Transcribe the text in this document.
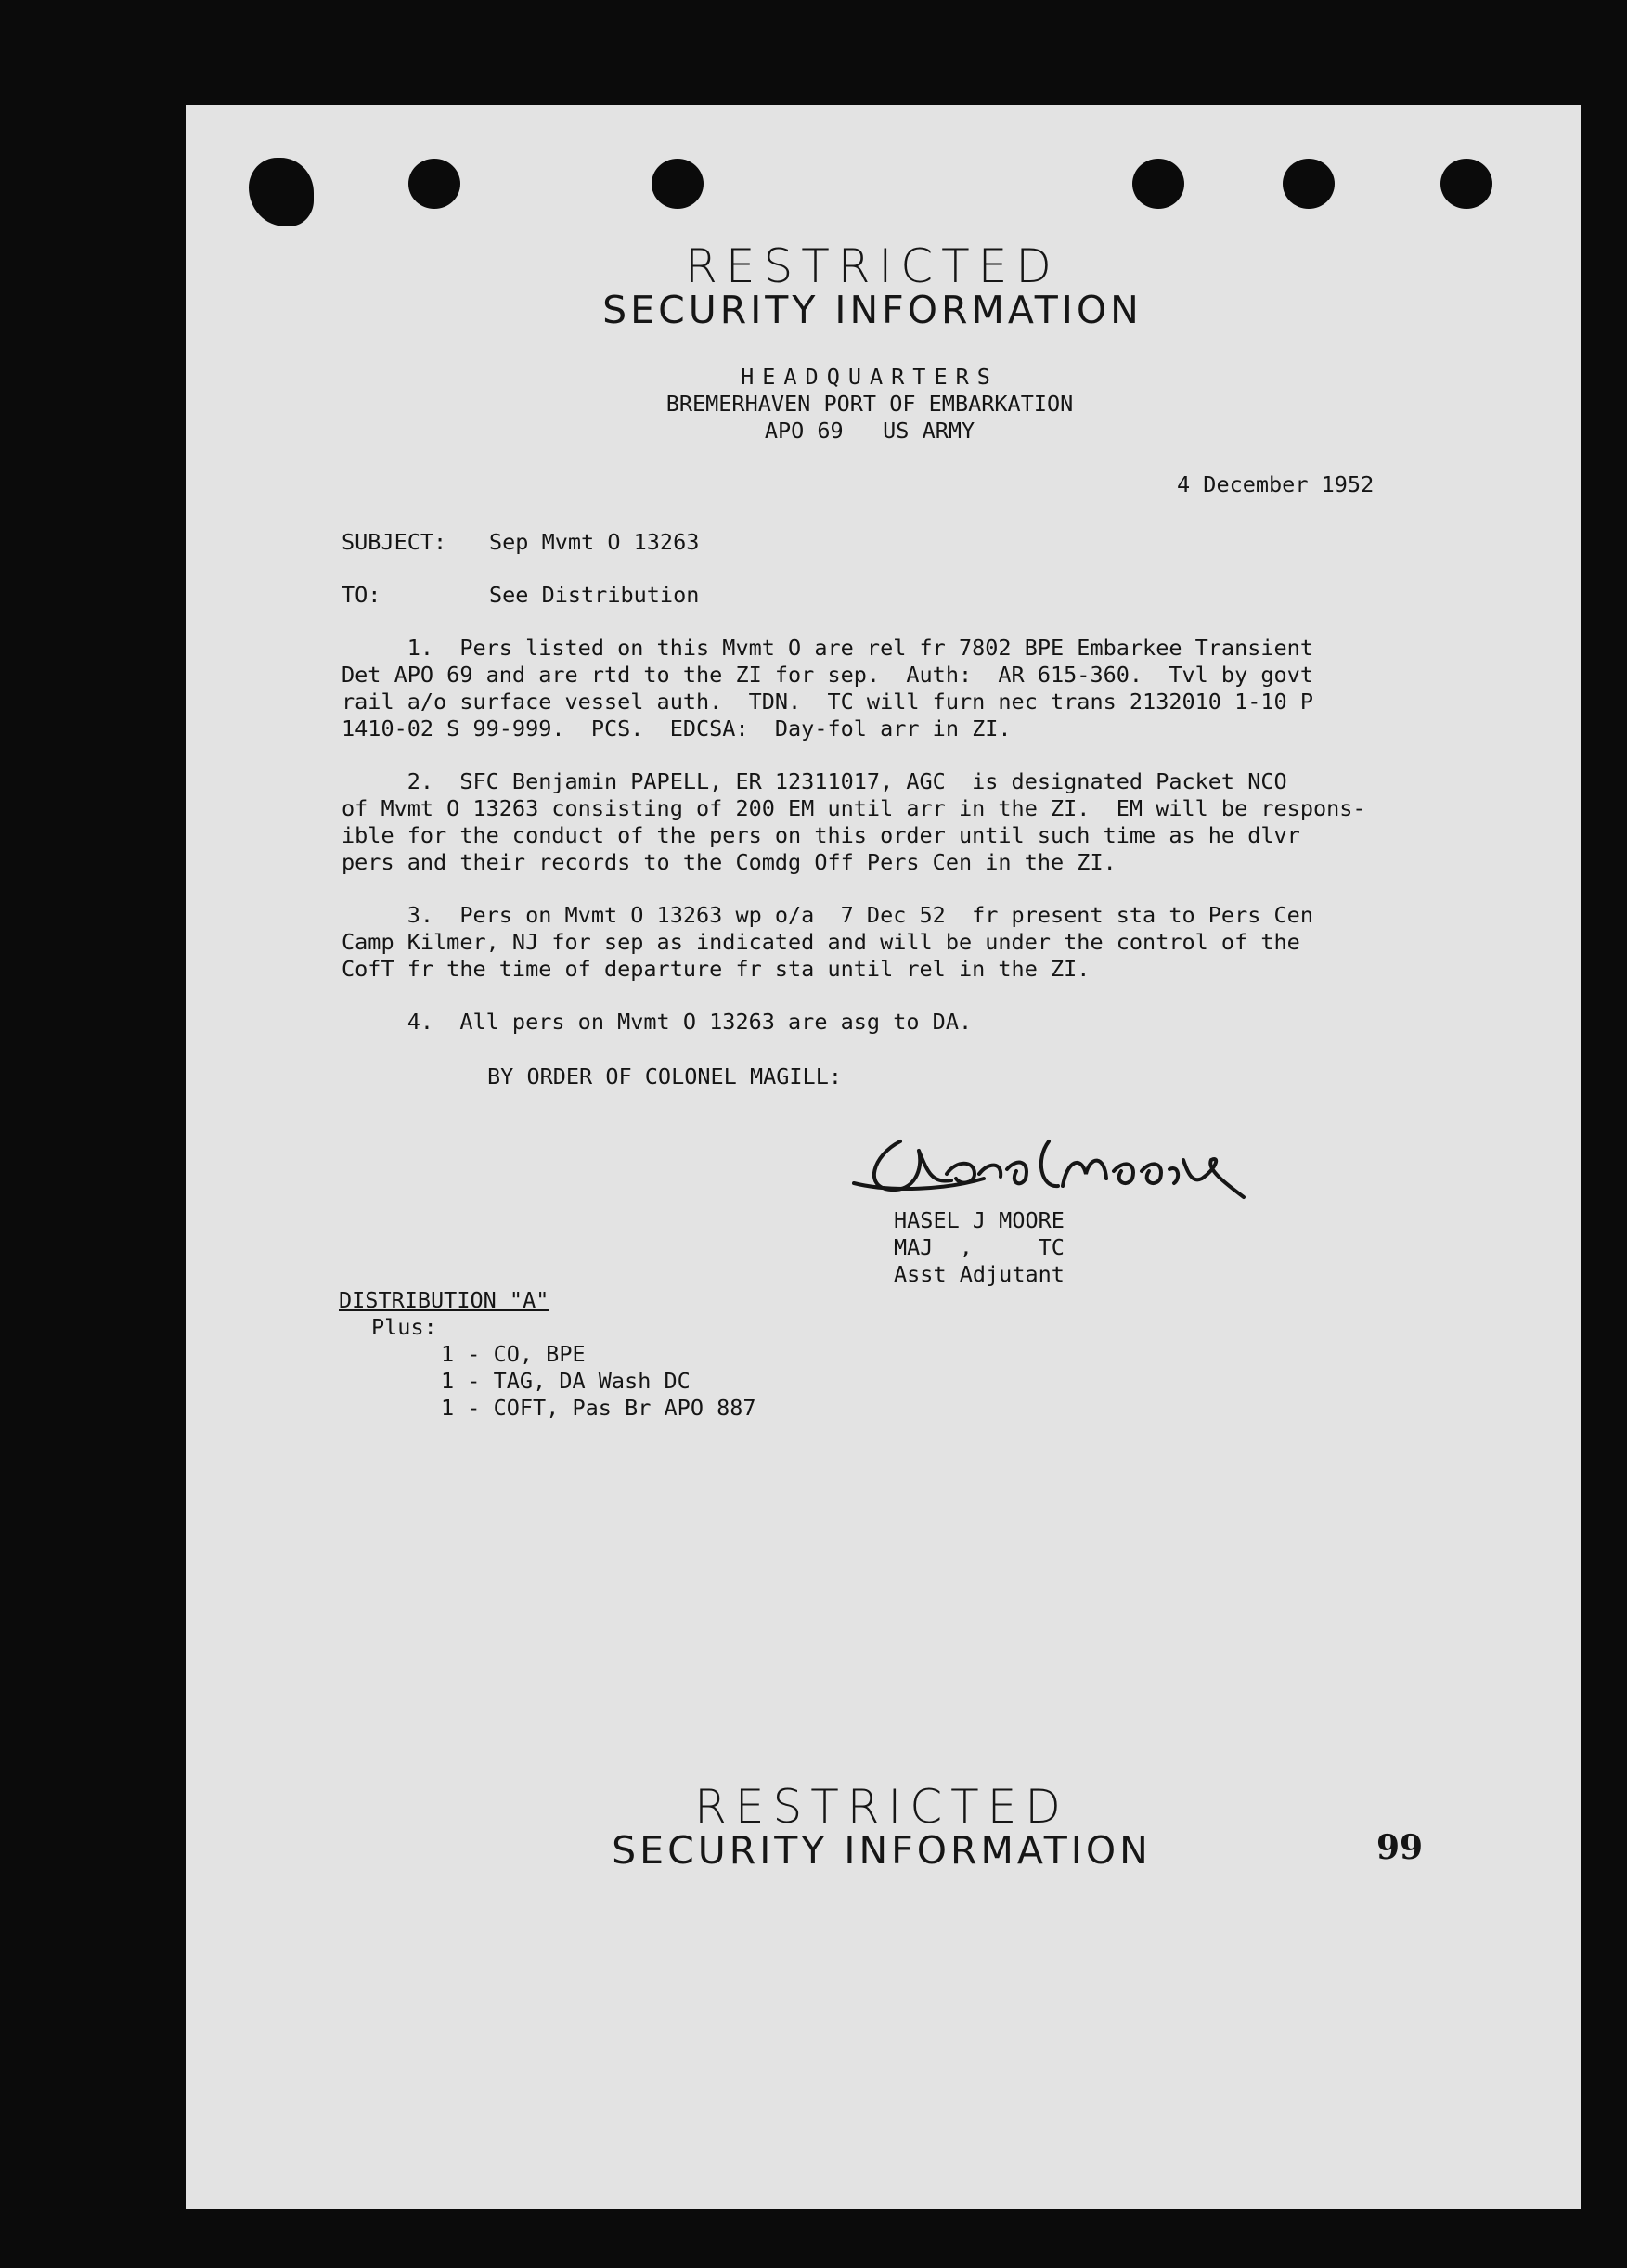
RESTRICTED
SECURITY INFORMATION
HEADQUARTERS
BREMERHAVEN PORT OF EMBARKATION
APO 69   US ARMY
4 December 1952
SUBJECT: Sep Mvmt O 13263
TO:	See Distribution
1.  Pers listed on this Mvmt O are rel fr 7802 BPE Embarkee Transient
Det APO 69 and are rtd to the ZI for sep.  Auth:  AR 615-360.  Tvl by govt
rail a/o surface vessel auth.  TDN.  TC will furn nec trans 2132010 1-10 P
1410-02 S 99-999.  PCS.  EDCSA:  Day-fol arr in ZI.
2.  SFC Benjamin PAPELL, ER 12311017, AGC  is designated Packet NCO
of Mvmt O 13263 consisting of 200 EM until arr in the ZI.  EM will be respons-
ible for the conduct of the pers on this order until such time as he dlvr
pers and their records to the Comdg Off Pers Cen in the ZI.
3.  Pers on Mvmt O 13263 wp o/a  7 Dec 52  fr present sta to Pers Cen
Camp Kilmer, NJ for sep as indicated and will be under the control of the
CofT fr the time of departure fr sta until rel in the ZI.
4.  All pers on Mvmt O 13263 are asg to DA.
BY ORDER OF COLONEL MAGILL:
HASEL J MOORE
MAJ  ,     TC
Asst Adjutant
DISTRIBUTION "A"
Plus:
1 - CO, BPE
1 - TAG, DA Wash DC
1 - COFT, Pas Br APO 887
RESTRICTED
SECURITY INFORMATION	99
